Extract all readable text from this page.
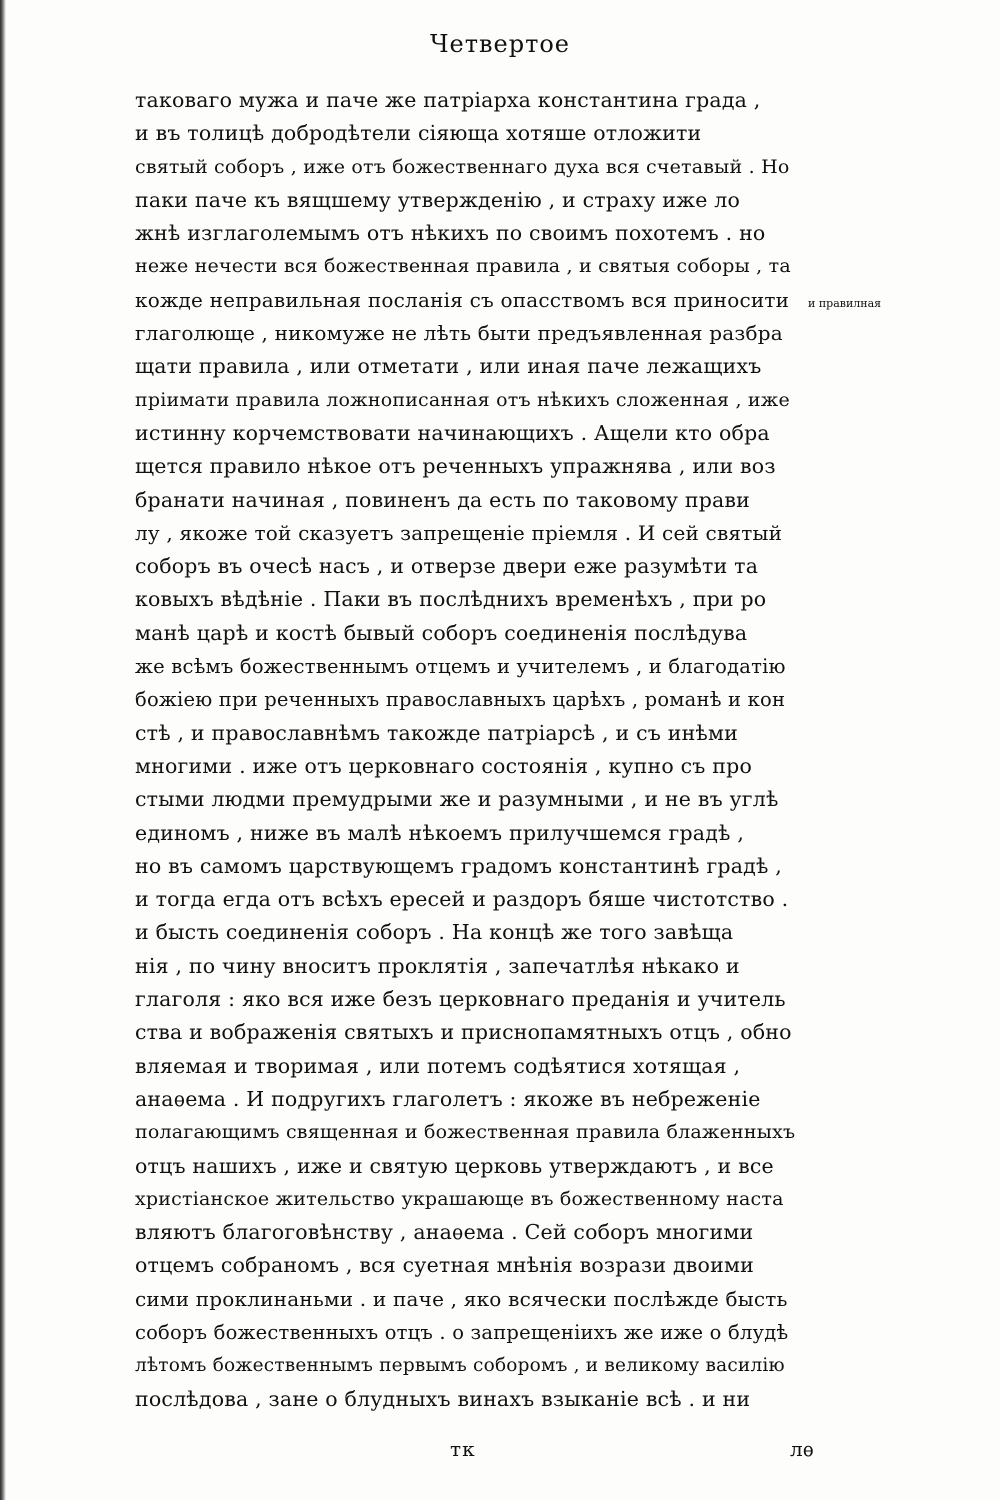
Четвертое
таковаго мужа и паче же патріарха константина града ,
и въ толицѣ добродѣтели сіяюща хотяше отложити
святый соборъ , иже отъ божественнаго духа вся счетавый . Но
паки паче къ вящшему утвержденію , и страху иже ло
жнѣ изглаголемымъ отъ нѣкихъ по своимъ похотемъ . но
неже нечести вся божественная правила , и святыя соборы , та
кожде неправильная посланія съ опасствомъ вся приносити
глаголюще , никомуже не лѣть быти предъявленная разбра
щати правила , или отметати , или иная паче лежащихъ
пріимати правила ложнописанная отъ нѣкихъ сложенная , иже
истинну корчемствовати начинающихъ . Ащели кто обра
щется правило нѣкое отъ реченныхъ упражнява , или воз
бранати начиная , повиненъ да есть по таковому прави
лу , якоже той сказуетъ запрещеніе пріемля . И сей святый
соборъ въ очесѣ насъ , и отверзе двери еже разумѣти та
ковыхъ вѣдѣніе . Паки въ послѣднихъ временѣхъ , при ро
манѣ царѣ и костѣ бывый соборъ соединенія послѣдува
же всѣмъ божественнымъ отцемъ и учителемъ , и благодатію
божіею при реченныхъ православныхъ царѣхъ , романѣ и кон
стѣ , и православнѣмъ такожде патріарсѣ , и съ инѣми
многими . иже отъ церковнаго состоянія , купно съ про
стыми людми премудрыми же и разумными , и не въ углѣ
единомъ , ниже въ малѣ нѣкоемъ прилучшемся градѣ ,
но въ самомъ царствующемъ градомъ константинѣ градѣ ,
и тогда егда отъ всѣхъ ересей и раздоръ бяше чистотство .
и бысть соединенія соборъ . На концѣ же того завѣща
нія , по чину вноситъ проклятія , запечатлѣя нѣкако и
глаголя : яко вся иже безъ церковнаго преданія и учитель
ства и вображенія святыхъ и приснопамятныхъ отцъ , обно
вляемая и творимая , или потемъ содѣятися хотящая ,
анаѳема . И подругихъ глаголетъ : якоже въ небреженіе
полагающимъ священная и божественная правила блаженныхъ
отцъ нашихъ , иже и святую церковь утверждаютъ , и все
христіанское жительство украшающе въ божественному наста
вляютъ благоговѣнству , анаѳема . Сей соборъ многими
отцемъ собраномъ , вся суетная мнѣнія возрази двоими
сими проклинаньми . и паче , яко всячески послѣжде бысть
соборъ божественныхъ отцъ . о запрещеніихъ же иже о блудѣ
лѣтомъ божественнымъ первымъ соборомъ , и великому василію
послѣдова , зане о блудныхъ винахъ взыканіе всѣ . и ни
и правилная
тк	лѳ
